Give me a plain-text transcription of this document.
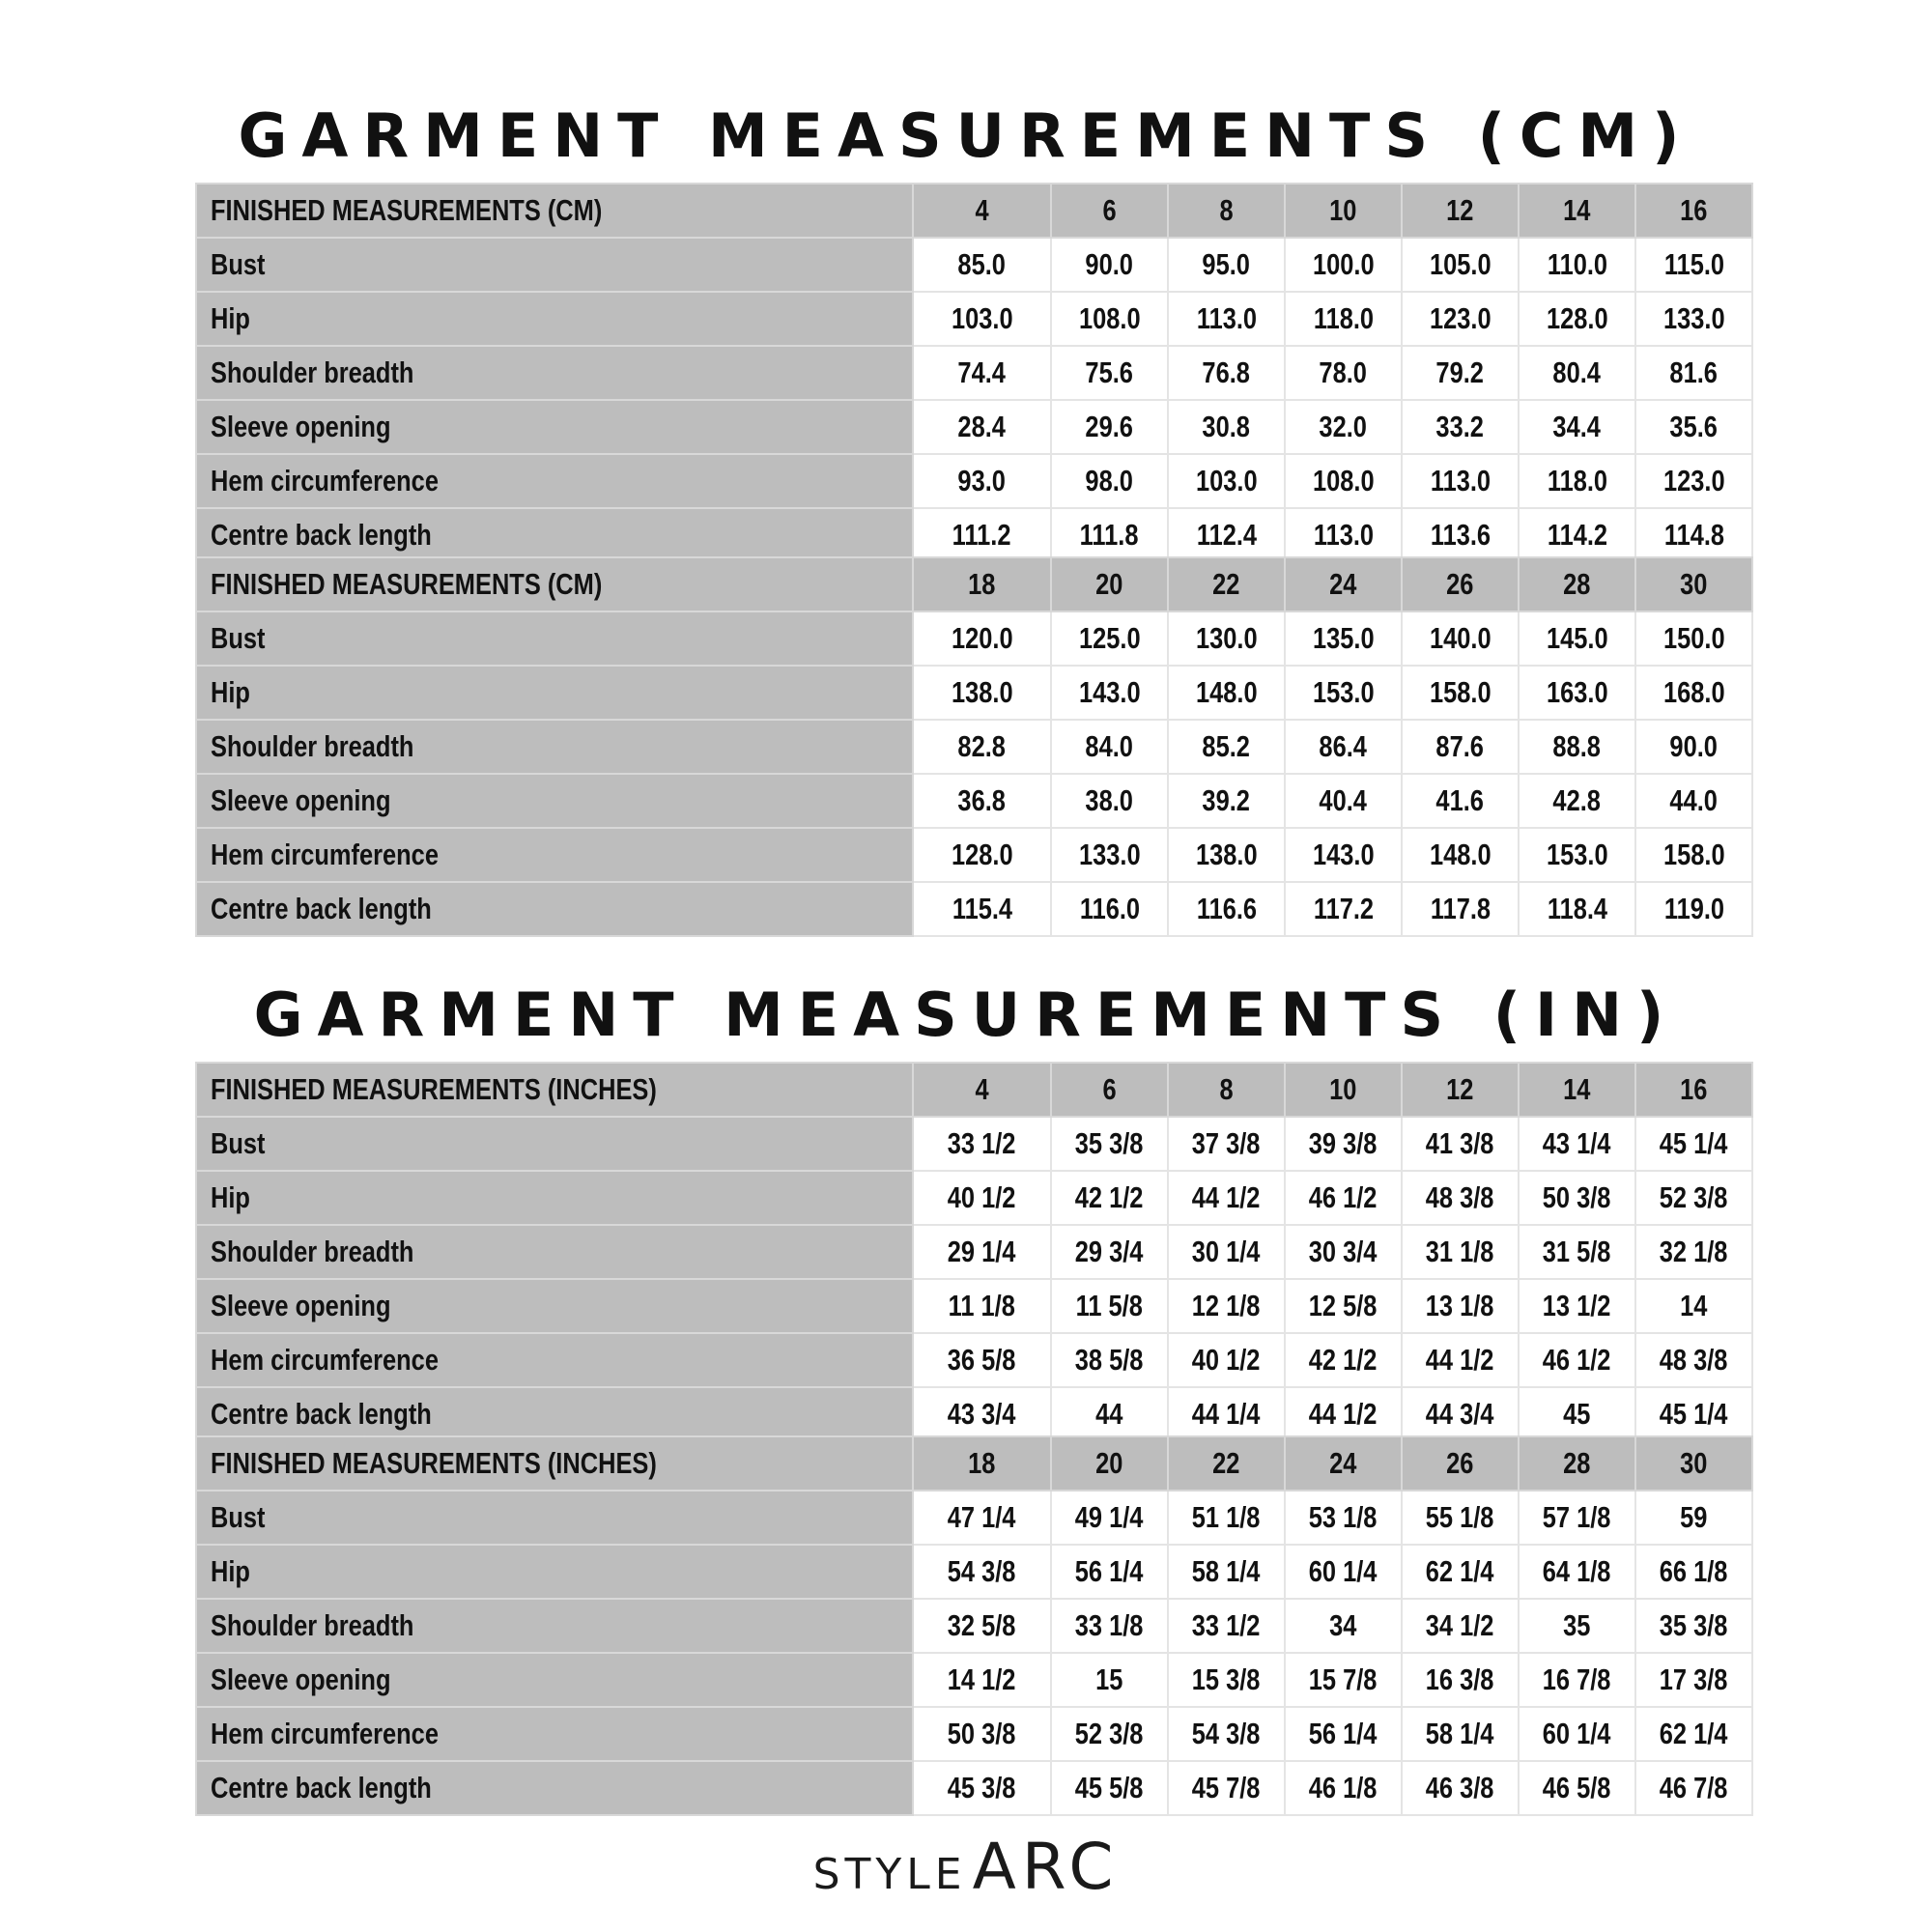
GARMENT MEASUREMENTS (CM)
FINISHED MEASUREMENTS (CM)	4	6	8	10	12	14	16
Bust	85.0	90.0	95.0	100.0	105.0	110.0	115.0
Hip	103.0	108.0	113.0	118.0	123.0	128.0	133.0
Shoulder breadth	74.4	75.6	76.8	78.0	79.2	80.4	81.6
Sleeve opening	28.4	29.6	30.8	32.0	33.2	34.4	35.6
Hem circumference	93.0	98.0	103.0	108.0	113.0	118.0	123.0
Centre back length	111.2	111.8	112.4	113.0	113.6	114.2	114.8
FINISHED MEASUREMENTS (CM)	18	20	22	24	26	28	30
Bust	120.0	125.0	130.0	135.0	140.0	145.0	150.0
Hip	138.0	143.0	148.0	153.0	158.0	163.0	168.0
Shoulder breadth	82.8	84.0	85.2	86.4	87.6	88.8	90.0
Sleeve opening	36.8	38.0	39.2	40.4	41.6	42.8	44.0
Hem circumference	128.0	133.0	138.0	143.0	148.0	153.0	158.0
Centre back length	115.4	116.0	116.6	117.2	117.8	118.4	119.0
GARMENT MEASUREMENTS (IN)
FINISHED MEASUREMENTS (INCHES)	4	6	8	10	12	14	16
Bust	33 1/2	35 3/8	37 3/8	39 3/8	41 3/8	43 1/4	45 1/4
Hip	40 1/2	42 1/2	44 1/2	46 1/2	48 3/8	50 3/8	52 3/8
Shoulder breadth	29 1/4	29 3/4	30 1/4	30 3/4	31 1/8	31 5/8	32 1/8
Sleeve opening	11 1/8	11 5/8	12 1/8	12 5/8	13 1/8	13 1/2	14
Hem circumference	36 5/8	38 5/8	40 1/2	42 1/2	44 1/2	46 1/2	48 3/8
Centre back length	43 3/4	44	44 1/4	44 1/2	44 3/4	45	45 1/4
FINISHED MEASUREMENTS (INCHES)	18	20	22	24	26	28	30
Bust	47 1/4	49 1/4	51 1/8	53 1/8	55 1/8	57 1/8	59
Hip	54 3/8	56 1/4	58 1/4	60 1/4	62 1/4	64 1/8	66 1/8
Shoulder breadth	32 5/8	33 1/8	33 1/2	34	34 1/2	35	35 3/8
Sleeve opening	14 1/2	15	15 3/8	15 7/8	16 3/8	16 7/8	17 3/8
Hem circumference	50 3/8	52 3/8	54 3/8	56 1/4	58 1/4	60 1/4	62 1/4
Centre back length	45 3/8	45 5/8	45 7/8	46 1/8	46 3/8	46 5/8	46 7/8
STYLEARC
